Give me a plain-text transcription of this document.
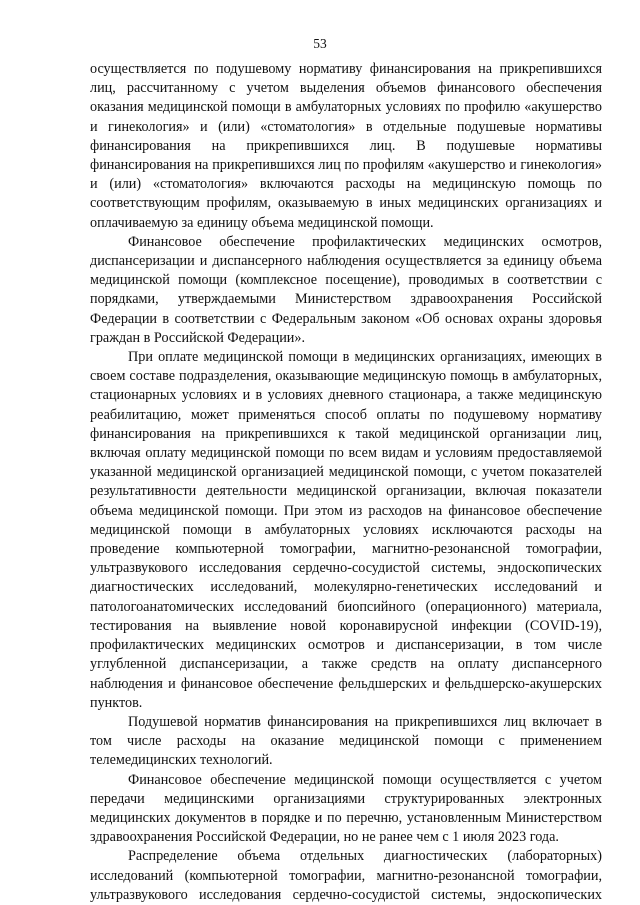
53

осуществляется по подушевому нормативу финансирования на прикрепившихся лиц, рассчитанному с учетом выделения объемов финансового обеспечения оказания медицинской помощи в амбулаторных условиях по профилю «акушерство и гинекология» и (или) «стоматология» в отдельные подушевые нормативы финансирования на прикрепившихся лиц. В подушевые нормативы финансирования на прикрепившихся лиц по профилям «акушерство и гинекология» и (или) «стоматология» включаются расходы на медицинскую помощь по соответствующим профилям, оказываемую в иных медицинских организациях и оплачиваемую за единицу объема медицинской помощи.

Финансовое обеспечение профилактических медицинских осмотров, диспансеризации и диспансерного наблюдения осуществляется за единицу объема медицинской помощи (комплексное посещение), проводимых в соответствии с порядками, утверждаемыми Министерством здравоохранения Российской Федерации в соответствии с Федеральным законом «Об основах охраны здоровья граждан в Российской Федерации».

При оплате медицинской помощи в медицинских организациях, имеющих в своем составе подразделения, оказывающие медицинскую помощь в амбулаторных, стационарных условиях и в условиях дневного стационара, а также медицинскую реабилитацию, может применяться способ оплаты по подушевому нормативу финансирования на прикрепившихся к такой медицинской организации лиц, включая оплату медицинской помощи по всем видам и условиям предоставляемой указанной медицинской организацией медицинской помощи, с учетом показателей результативности деятельности медицинской организации, включая показатели объема медицинской помощи. При этом из расходов на финансовое обеспечение медицинской помощи в амбулаторных условиях исключаются расходы на проведение компьютерной томографии, магнитно-резонансной томографии, ультразвукового исследования сердечно-сосудистой системы, эндоскопических диагностических исследований, молекулярно-генетических исследований и патологоанатомических исследований биопсийного (операционного) материала, тестирования на выявление новой коронавирусной инфекции (COVID-19), профилактических медицинских осмотров и диспансеризации, в том числе углубленной диспансеризации, а также средств на оплату диспансерного наблюдения и финансовое обеспечение фельдшерских и фельдшерско-акушерских пунктов.

Подушевой норматив финансирования на прикрепившихся лиц включает в том числе расходы на оказание медицинской помощи с применением телемедицинских технологий.

Финансовое обеспечение медицинской помощи осуществляется с учетом передачи медицинскими организациями структурированных электронных медицинских документов в порядке и по перечню, установленным Министерством здравоохранения Российской Федерации, но не ранее чем с 1 июля 2023 года.

Распределение объема отдельных диагностических (лабораторных) исследований (компьютерной томографии, магнитно-резонансной томографии, ультразвукового исследования сердечно-сосудистой системы, эндоскопических
